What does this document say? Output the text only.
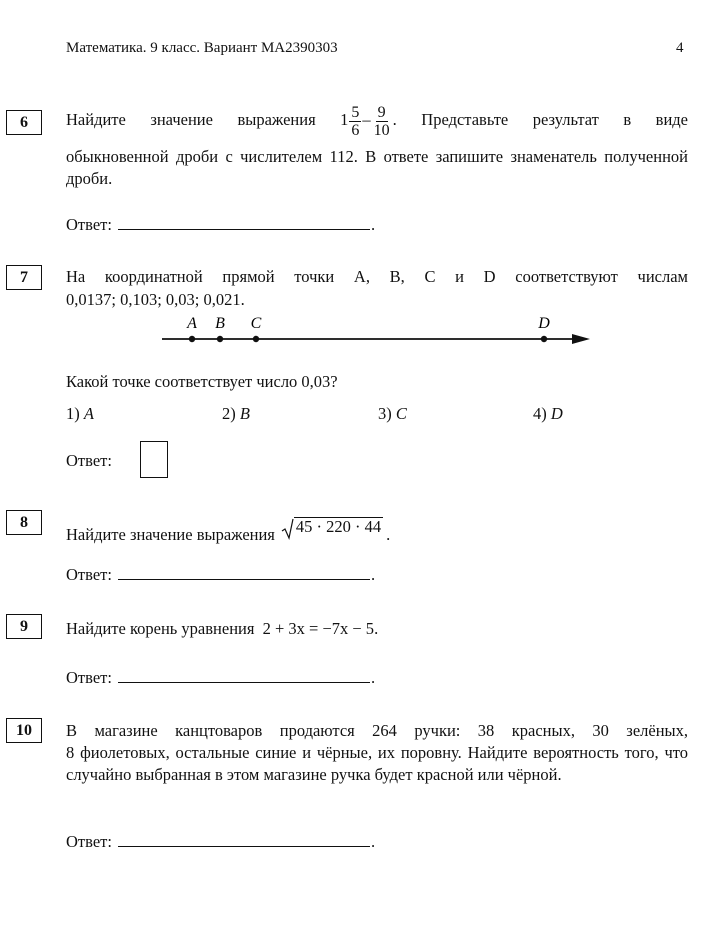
Математика. 9 класс. Вариант МА2390303	4
6	Найдите значение выражения $1 \frac{5}{6} - \frac{9}{10}$ . Представьте результат в виде
обыкновенной дроби с числителем 112. В ответе запишите знаменатель полученной дроби.
Ответ:	.
7	На координатной прямой точки A, B, C и D соответствуют числам
0,0137; 0,103; 0,03; 0,021.
A B C	D
Какой точке соответствует число 0,03?
1) A	2) B	3) C	4) D
Ответ:
8
Найдите значение выражения 45 · 220 · 44 .
Ответ:	.
9	Найдите корень уравнения 2 + 3x = −7x − 5.
Ответ:	.
10	В магазине канцтоваров продаются 264 ручки: 38 красных, 30 зелёных,
8 фиолетовых, остальные синие и чёрные, их поровну. Найдите вероятность того, что случайно выбранная в этом магазине ручка будет красной или чёрной.
Ответ:	.
